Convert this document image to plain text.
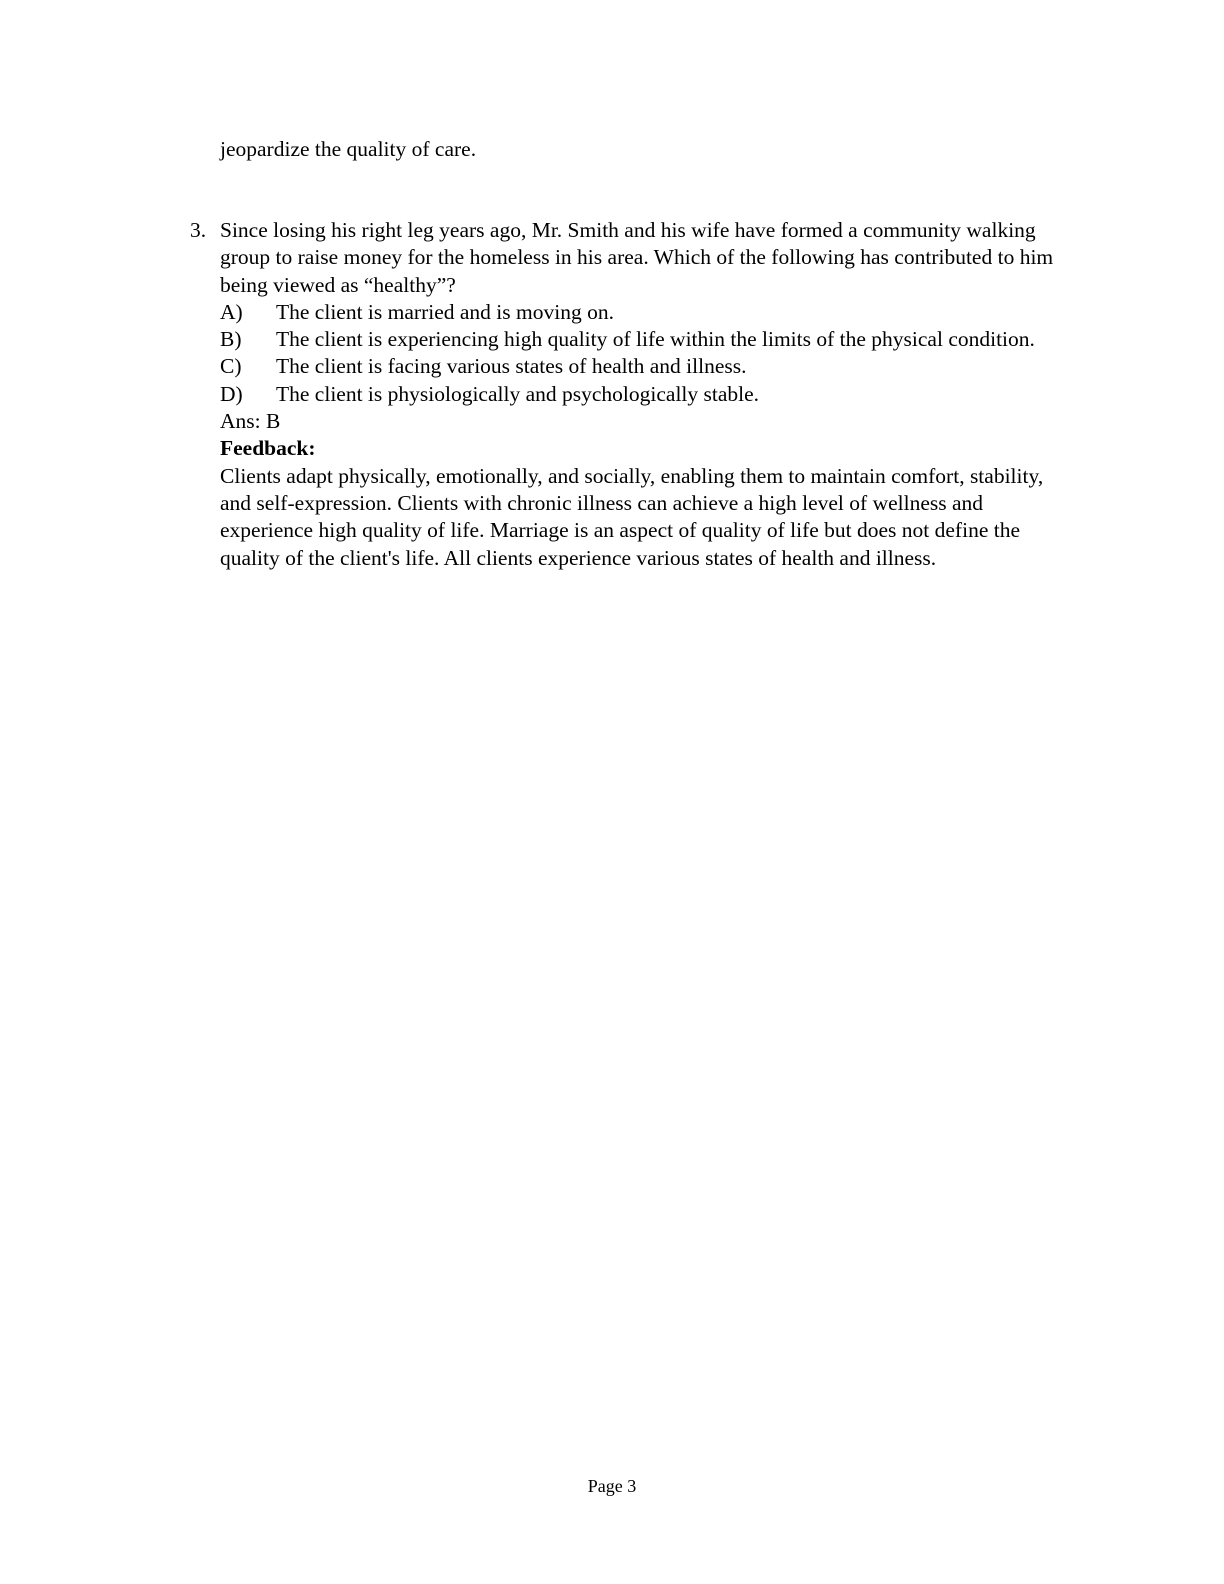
jeopardize the quality of care.
3. Since losing his right leg years ago, Mr. Smith and his wife have formed a community walking group to raise money for the homeless in his area. Which of the following has contributed to him being viewed as “healthy”?
A)	The client is married and is moving on.
B)	The client is experiencing high quality of life within the limits of the physical condition.
C)	The client is facing various states of health and illness.
D)	The client is physiologically and psychologically stable.
Ans: B
Feedback:
Clients adapt physically, emotionally, and socially, enabling them to maintain comfort, stability, and self-expression. Clients with chronic illness can achieve a high level of wellness and experience high quality of life. Marriage is an aspect of quality of life but does not define the quality of the client's life. All clients experience various states of health and illness.
Page 3
